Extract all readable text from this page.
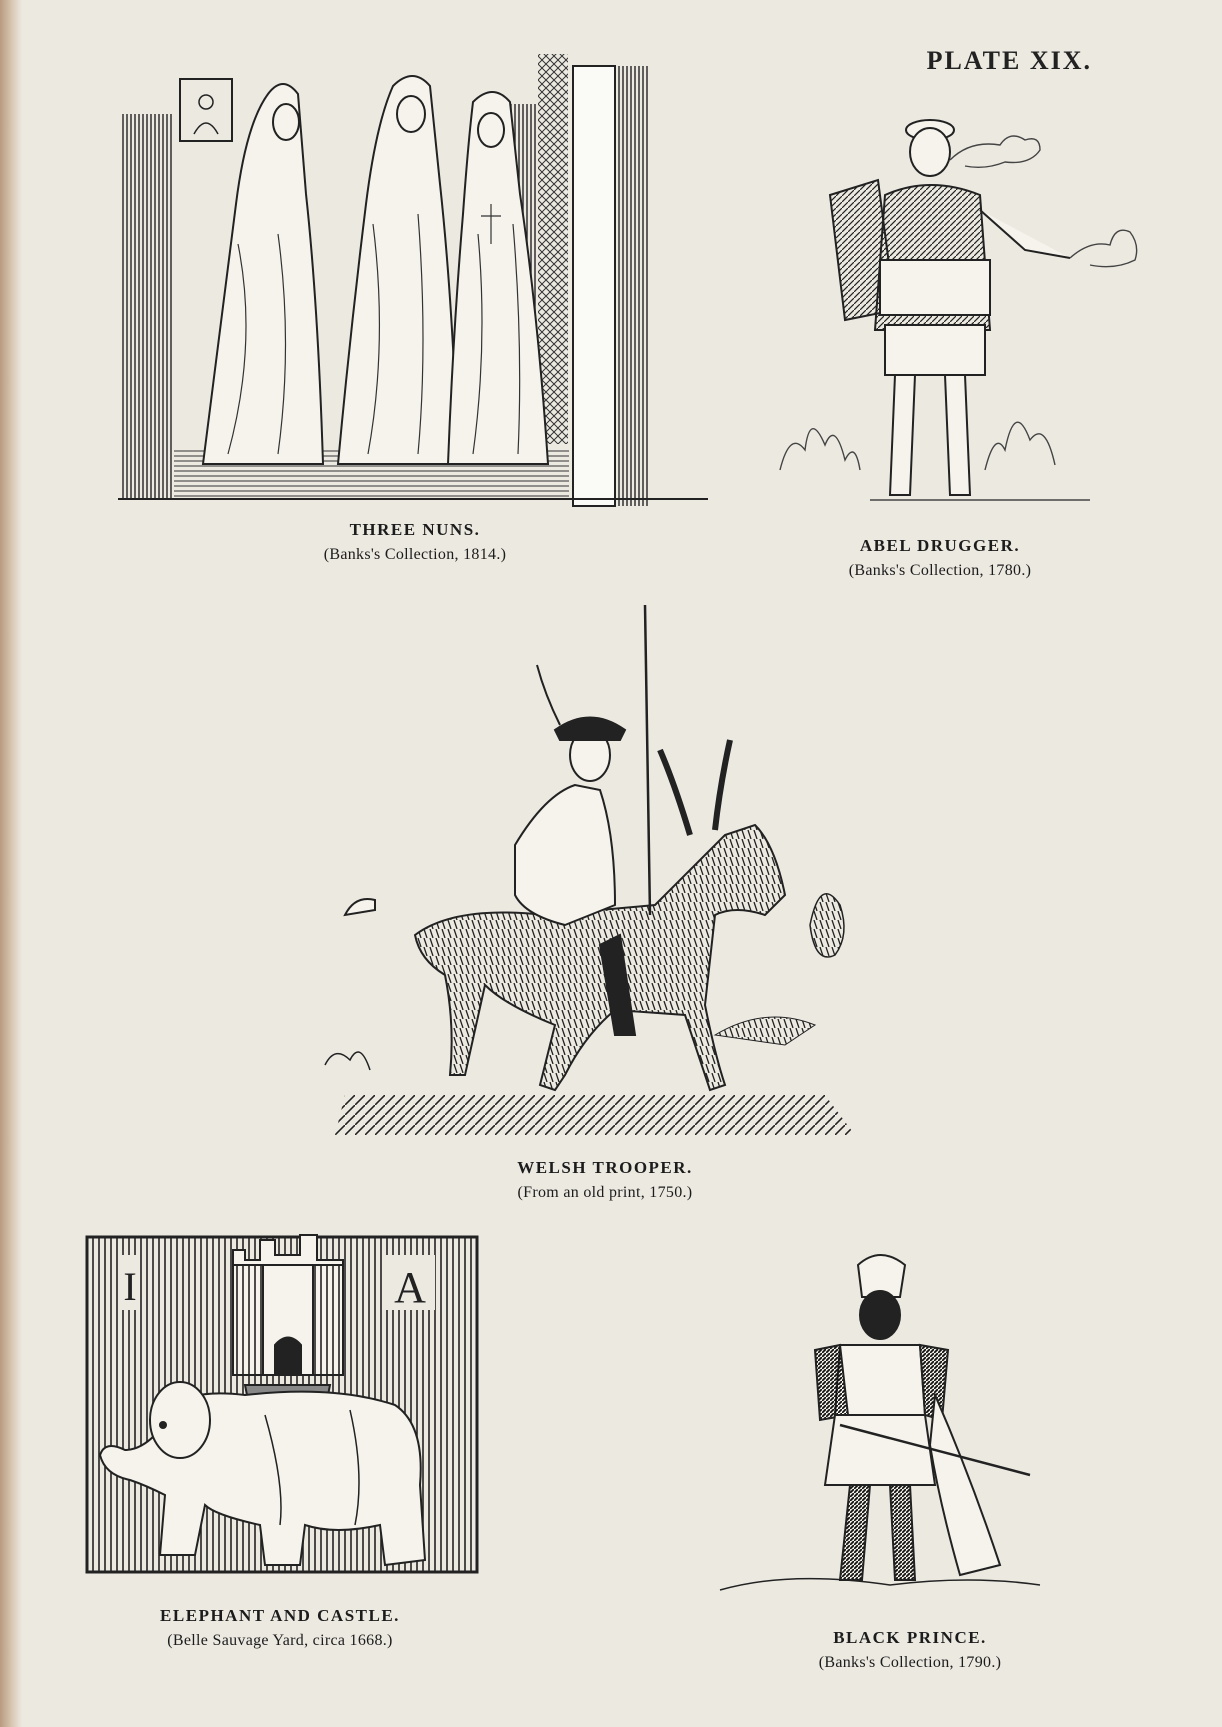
PLATE XIX.
THREE NUNS.
(Banks's Collection, 1814.)	ABEL DRUGGER.
(Banks's Collection, 1780.)
WELSH TROOPER.
(From an old print, 1750.)
I	A
ELEPHANT AND CASTLE.
(Belle Sauvage Yard, circa 1668.)	BLACK PRINCE.
(Banks's Collection, 1790.)
